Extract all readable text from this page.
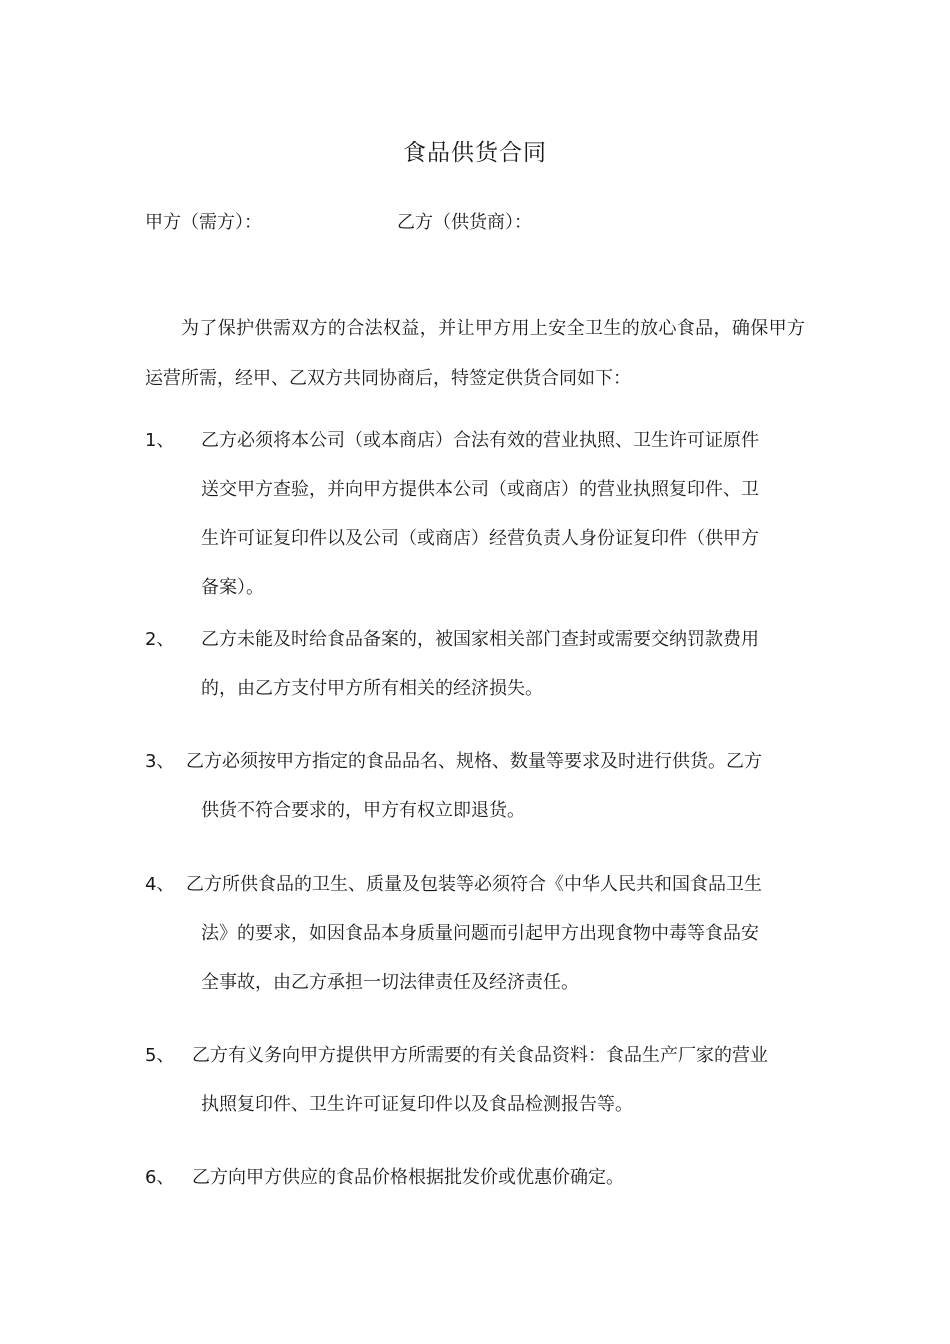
食品供货合同
甲方（需方）：	乙方（供货商）：

为了保护供需双方的合法权益，并让甲方用上安全卫生的放心食品，确保甲方运营所需，经甲、乙双方共同协商后，特签定供货合同如下：

1、 乙方必须将本公司（或本商店）合法有效的营业执照、卫生许可证原件
送交甲方查验，并向甲方提供本公司（或商店）的营业执照复印件、卫
生许可证复印件以及公司（或商店）经营负责人身份证复印件（供甲方
备案）。
2、 乙方未能及时给食品备案的，被国家相关部门查封或需要交纳罚款费用
的，由乙方支付甲方所有相关的经济损失。
3、 乙方必须按甲方指定的食品品名、规格、数量等要求及时进行供货。乙方
供货不符合要求的，甲方有权立即退货。
4、 乙方所供食品的卫生、质量及包装等必须符合《中华人民共和国食品卫生
法》的要求，如因食品本身质量问题而引起甲方出现食物中毒等食品安
全事故，由乙方承担一切法律责任及经济责任。
5、 乙方有义务向甲方提供甲方所需要的有关食品资料：食品生产厂家的营业
执照复印件、卫生许可证复印件以及食品检测报告等。
6、 乙方向甲方供应的食品价格根据批发价或优惠价确定。
